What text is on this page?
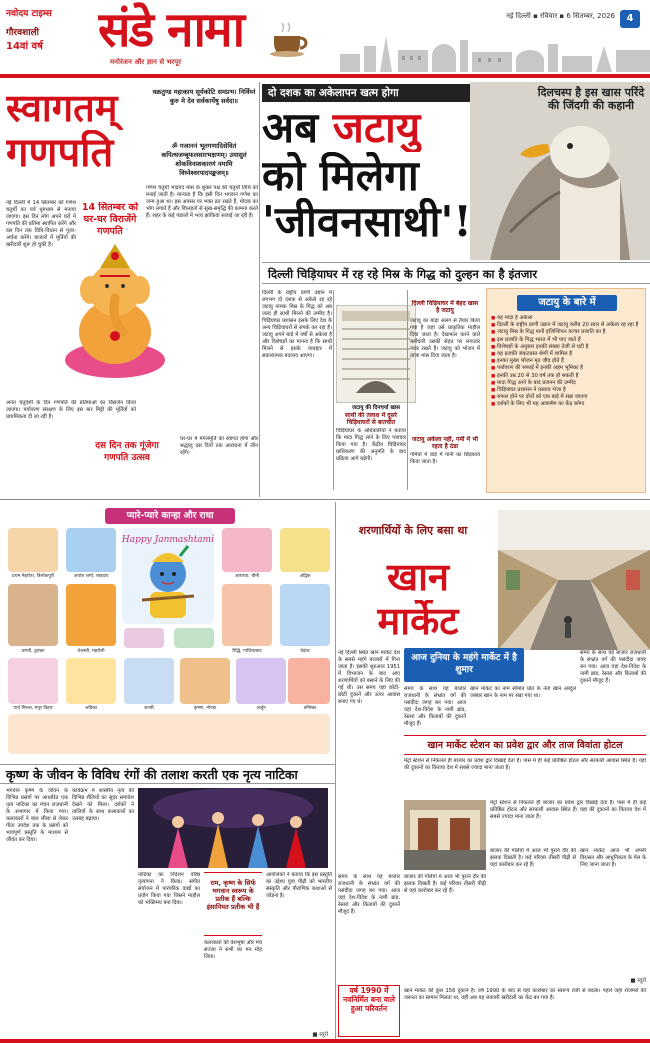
नवोदय टाइम्स
गौरवशाली
14वां वर्ष	संडे नामा
मनोरंजन और ज्ञान से भरपूर
नई दिल्ली ▪ रविवार ▪ 6 सितम्बर, 2026	4
स्वागतम्
गणपति
वक्रतुण्ड महाकाय सूर्यकोटि समप्रभ। निर्विघ्नं कुरु मे देव सर्वकार्येषु सर्वदा॥
ॐ गजाननं भूतगणादिसेवितं कपित्थजम्बूफलसारभक्षणम्। उमासुतं शोकविनाशकारणं नमामि विघ्नेश्वरपादपङ्कजम्॥
नई दिल्ली में 14 सितम्बर को गणेश चतुर्थी का पर्व धूमधाम से मनाया जाएगा। इस दिन लोग अपने घरों में गणपति की प्रतिमा स्थापित करेंगे और दस दिन तक विधि-विधान से पूजा-अर्चना करेंगे। बाजारों में मूर्तियों की खरीदारी शुरू हो चुकी है।
14 सितम्बर को घर-घर विराजेंगे गणपति
गणेश चतुर्थी भाद्रपद मास के शुक्ल पक्ष की चतुर्थी तिथि को मनाई जाती है। मान्यता है कि इसी दिन भगवान गणेश का जन्म हुआ था। इस अवसर पर भक्त व्रत रखते हैं, मोदक का भोग लगाते हैं और विघ्नहर्ता से सुख-समृद्धि की कामना करते हैं। शहर के कई पंडालों में भव्य झांकियां सजाई जा रही हैं।
अनंत चतुर्दशी के दिन गणपति की प्रतिमाओं का विसर्जन किया जाएगा। पर्यावरण संरक्षण के लिए इस बार मिट्टी की मूर्तियों को प्राथमिकता दी जा रही है।
घर-घर में मंगलमूर्ति का स्वागत होगा और श्रद्धालु दस दिनों तक आराधना में लीन रहेंगे।
दस दिन तक गूंजेगा गणपति उत्सव
दो दशक का अकेलापन खत्म होगा	दिलचस्प है इस खास परिंदे की जिंदगी की कहानी
अब जटायु
को मिलेगा
'जीवनसाथी'!
दिल्ली चिड़ियाघर में रह रहे मिस्र के गिद्ध को दुल्हन का है इंतजार
दिल्ली के राष्ट्रीय प्राणी उद्यान में लगभग दो दशक से अकेले रह रहे जटायु नामक मिस्र के गिद्ध को अब जल्द ही साथी मिलने की उम्मीद है। चिड़ियाघर प्रशासन इसके लिए देश के अन्य चिड़ियाघरों से संपर्क कर रहा है। जटायु अपने बाड़े में वर्षों से अकेला है और विशेषज्ञों का मानना है कि साथी मिलने से इसके व्यवहार में सकारात्मक बदलाव आएगा।
जटायु की दिनचर्या खास
साथी की तलाश में दूसरे चिड़ियाघरों से बातचीत
चिड़ियाघर के अधिकारियों ने बताया कि मादा गिद्ध लाने के लिए पत्राचार किया गया है। केंद्रीय चिड़ियाघर प्राधिकरण की अनुमति के बाद प्रक्रिया आगे बढ़ेगी।
दिल्ली चिड़ियाघर में बेहद खास है जटायु
जटायु का बाड़ा अलग से तैयार किया गया है जहां उसे प्राकृतिक माहौल दिया जाता है। देखभाल करने वाले कर्मचारी उसकी सेहत पर लगातार नजर रखते हैं। जटायु को भोजन में ताजा मांस दिया जाता है।
जटायु अकेला नहीं, गर्मी में भी रहता है ठंडा
गर्मियों में बाड़े में पानी का छिड़काव किया जाता है।
जटायु के बारे में
■ यह मादा है अकेला
■ दिल्ली के राष्ट्रीय प्राणी उद्यान में जटायु करीब 20 साल से अकेला रह रहा है
■ जटायु मिस्र के गिद्ध यानी इजिप्शियन वल्चर प्रजाति का है
■ इस प्रजाति के गिद्ध भारत में भी पाए जाते हैं
■ विशेषज्ञों के अनुसार इनकी संख्या तेजी से घटी है
■ यह प्रजाति संकटग्रस्त श्रेणी में शामिल है
■ इनका मुख्य भोजन मृत जीव होते हैं
■ पर्यावरण की सफाई में इनकी अहम भूमिका है
■ इनकी उम्र 20 से 30 वर्ष तक हो सकती है
■ मादा गिद्ध आने के बाद प्रजनन की उम्मीद
■ चिड़ियाघर प्रशासन ने प्रस्ताव भेजा है
■ सफल होने पर दोनों को एक बाड़े में रखा जाएगा
■ दर्शकों के लिए भी यह आकर्षण का केंद्र बनेगा
प्यारे-प्यारे कान्हा और राधा
Happy Janmashtami
प्रथम मेहरोत्रा, त्रिलोकपुरी	अयांश शर्मा, शाहदरा	आराध्या, चीनी	अद्विक
प्रणवी, द्वारका	तेजस्वी, महरौली	रिद्धि, गाजियाबाद	वेदांश
पार्थ मित्तल, मयूर विहार	अविका	शान्वी	कृष्णा, नोएडा	अर्जुन	तनिष्का
शरणार्थियों के लिए बसा था
खान
मार्केट
नई दिल्ली स्थित खान मार्केट देश के सबसे महंगे बाजारों में गिना जाता है। इसकी शुरुआत 1951 में विभाजन के बाद आए शरणार्थियों को बसाने के लिए की गई थी। उस समय यहां छोटी-छोटी दुकानें और ऊपर आवास बनाए गए थे।
आज दुनिया के महंगे मार्केट में है शुमार
समय के साथ यह बाजार राजधानी के संभ्रांत वर्ग की पसंदीदा जगह बन गया। आज यहां देश-विदेश के नामी ब्रांड, रेस्तरां और किताबों की दुकानें मौजूद हैं।
खान मार्केट का नाम सीमांत प्रांत के नेता खान अब्दुल जब्बार खान के नाम पर रखा गया था।
समय के साथ यह बाजार राजधानी के संभ्रांत वर्ग की पसंदीदा जगह बन गया। आज यहां देश-विदेश के नामी ब्रांड, रेस्तरां और किताबों की दुकानें मौजूद हैं।
खान मार्केट स्टेशन का प्रवेश द्वार और ताज विवांता होटल
मेट्रो स्टेशन से निकलते ही बाजार का प्रवेश द्वार दिखाई देता है। पास में ही कई प्रतिष्ठित होटल और सरकारी आवास स्थित हैं। यहां की दुकानों का किराया देश में सबसे ज्यादा माना जाता है।
मेट्रो स्टेशन से निकलते ही बाजार का प्रवेश द्वार दिखाई देता है। पास में ही कई प्रतिष्ठित होटल और सरकारी आवास स्थित हैं। यहां की दुकानों का किराया देश में सबसे ज्यादा माना जाता है।
बाजार की गलियों में आज भी पुराने दौर की झलक दिखती है। कई परिवार तीसरी पीढ़ी से यहां कारोबार कर रहे हैं।
खान मार्केट आज भी अपनी विरासत और आधुनिकता के मेल के लिए जाना जाता है।
समय के साथ यह बाजार राजधानी के संभ्रांत वर्ग की पसंदीदा जगह बन गया। आज यहां देश-विदेश के नामी ब्रांड, रेस्तरां और किताबों की दुकानें मौजूद हैं।
बाजार की गलियों में आज भी पुराने दौर की झलक दिखती है। कई परिवार तीसरी पीढ़ी से यहां कारोबार कर रहे हैं।
■ ब्यूरो
वर्ष 1990 में नवनिर्मित बना वाले हुआ परिवर्तन
खान मार्केट की कुल 156 दुकानें हैं। वर्ष 1990 के बाद से यहां कारोबार का स्वरूप तेजी से बदला। पहले जहां रोजमर्रा की जरूरत का सामान मिलता था, वहीं अब यह लक्जरी खरीदारी का केंद्र बन गया है।
कृष्ण के जीवन के विविध रंगों की तलाश करती एक नृत्य नाटिका
भगवान कृष्ण के जीवन के विभिन्न प्रसंगों पर आधारित एक नृत्य नाटिका का मंचन राजधानी के सभागार में किया गया। कलाकारों ने बाल लीला से लेकर गीता उपदेश तक के प्रसंगों को भावपूर्ण प्रस्तुति के माध्यम से जीवंत कर दिया।
कार्यक्रम में शास्त्रीय नृत्य की विभिन्न शैलियों का सुंदर समावेश देखने को मिला। दर्शकों ने तालियों के साथ कलाकारों का उत्साह बढ़ाया।
नाटिका का निर्देशन वरिष्ठ नृत्यांगना ने किया। संगीत संयोजन में पारंपरिक वाद्यों का प्रयोग किया गया जिसने माहौल को भक्तिमय बना दिया।
राम, कृष्ण के सिर्फ भगवान स्वरूप के प्रतीक हैं बल्कि इंसानियत प्रतीक भी हैं
कलाकारों की वेशभूषा और मंच सज्जा ने सभी का मन मोह लिया।
आयोजकों ने बताया कि इस प्रस्तुति का उद्देश्य युवा पीढ़ी को भारतीय संस्कृति और पौराणिक कथाओं से जोड़ना है।
■ ब्यूरो
